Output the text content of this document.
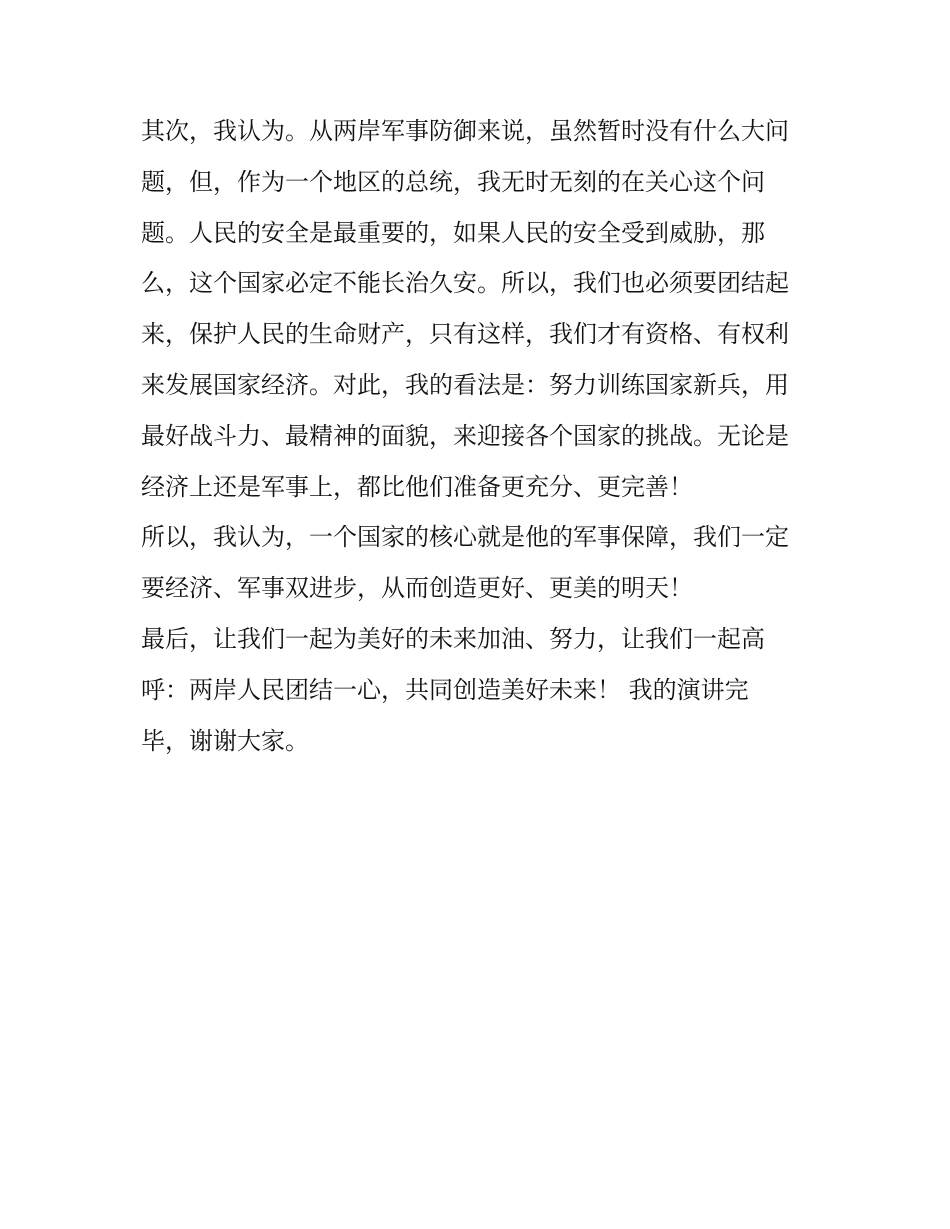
其次，我认为。从两岸军事防御来说，虽然暂时没有什么大问
题，但，作为一个地区的总统，我无时无刻的在关心这个问
题。人民的安全是最重要的，如果人民的安全受到威胁，那
么，这个国家必定不能长治久安。所以，我们也必须要团结起
来，保护人民的生命财产，只有这样，我们才有资格、有权利
来发展国家经济。对此，我的看法是：努力训练国家新兵，用
最好战斗力、最精神的面貌，来迎接各个国家的挑战。无论是
经济上还是军事上，都比他们准备更充分、更完善！
所以，我认为，一个国家的核心就是他的军事保障，我们一定
要经济、军事双进步，从而创造更好、更美的明天！
最后，让我们一起为美好的未来加油、努力，让我们一起高
呼：两岸人民团结一心，共同创造美好未来！ 我的演讲完
毕，谢谢大家。
